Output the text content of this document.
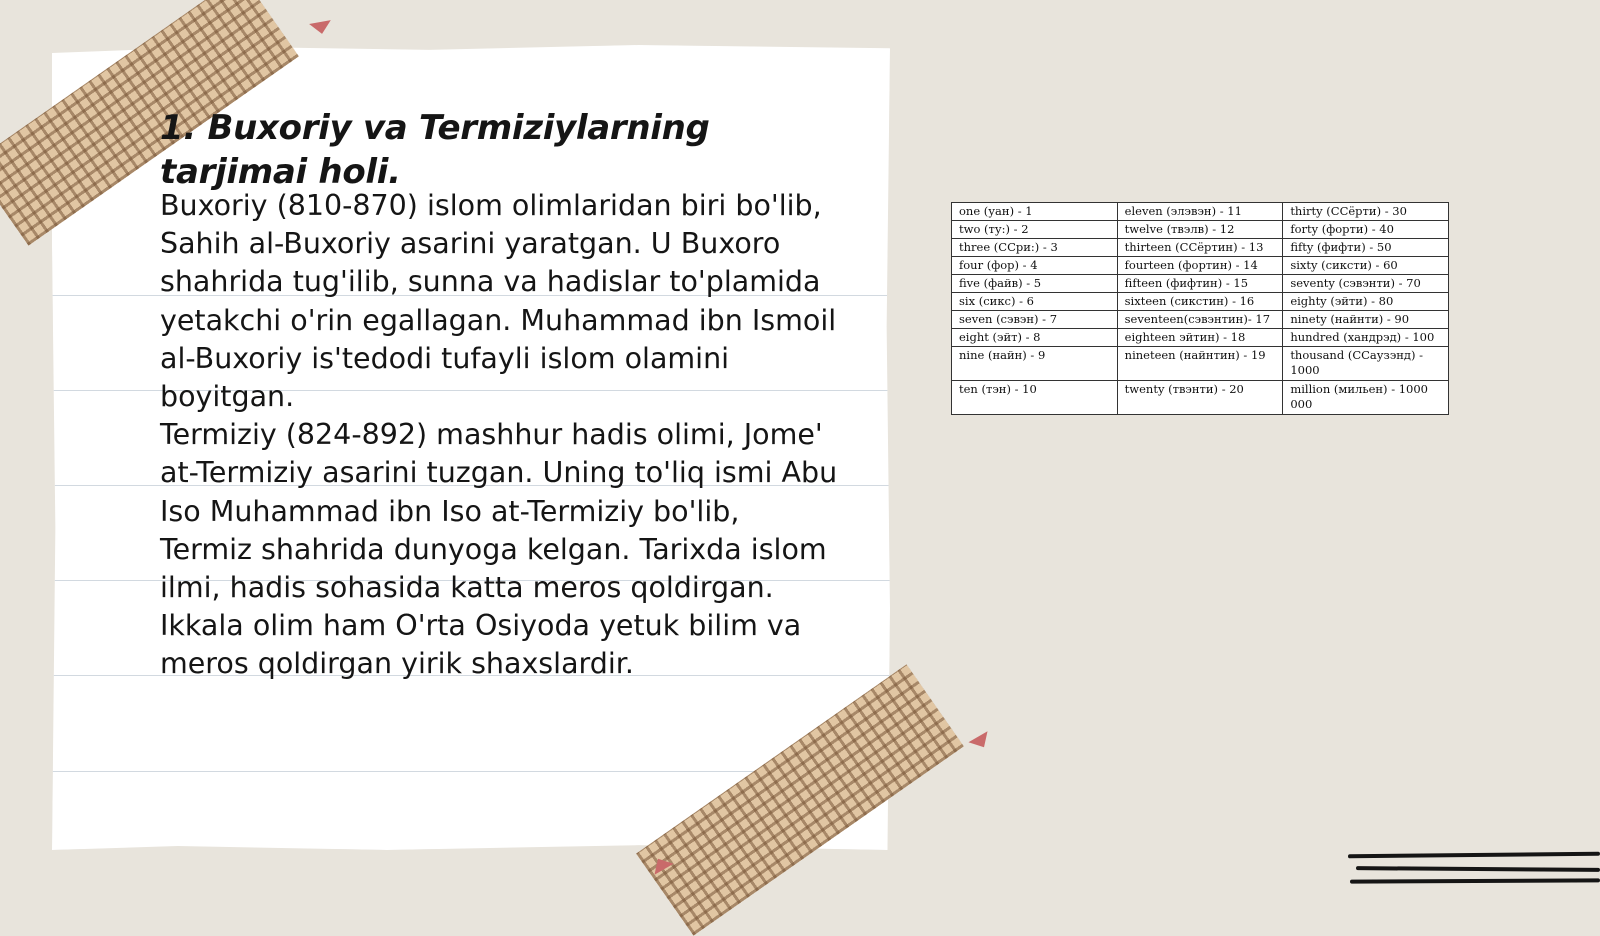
1. Buxoriy va Termiziylarning tarjimai holi.

Buxoriy (810-870) islom olimlaridan biri bo'lib, Sahih al-Buxoriy asarini yaratgan. U Buxoro shahrida tug'ilib, sunna va hadislar to'plamida yetakchi o'rin egallagan. Muhammad ibn Ismoil al-Buxoriy is'tedodi tufayli islom olamini boyitgan.

Termiziy (824-892) mashhur hadis olimi, Jome' at-Termiziy asarini tuzgan. Uning to'liq ismi Abu Iso Muhammad ibn Iso at-Termiziy bo'lib, Termiz shahrida dunyoga kelgan. Tarixda islom ilmi, hadis sohasida katta meros qoldirgan. Ikkala olim ham O'rta Osiyoda yetuk bilim va meros qoldirgan yirik shaxslardir.

one (уан) - 1	eleven (элэвэн) - 11	thirty (ССёрти) - 30
two (ту:) - 2	twelve (твэлв) - 12	forty (форти) - 40
three (ССри:) - 3	thirteen (ССёртин) - 13	fifty (фифти) - 50
four (фор) - 4	fourteen (фортин) - 14	sixty (сиксти) - 60
five (файв) - 5	fifteen (фифтин) - 15	seventy (сэвэнти) - 70
six (сикс) - 6	sixteen (сикстин) - 16	eighty (эйти) - 80
seven (сэвэн) - 7	seventeen(сэвэнтин)- 17	ninety (найнти) - 90
eight (эйт) - 8	eighteen эйтин) - 18	hundred (хандрэд) - 100
nine (найн) - 9	nineteen (найнтин) - 19	thousand (ССаузэнд) - 1000
ten (тэн) - 10	twenty (твэнти) - 20	million (мильен) - 1000 000
